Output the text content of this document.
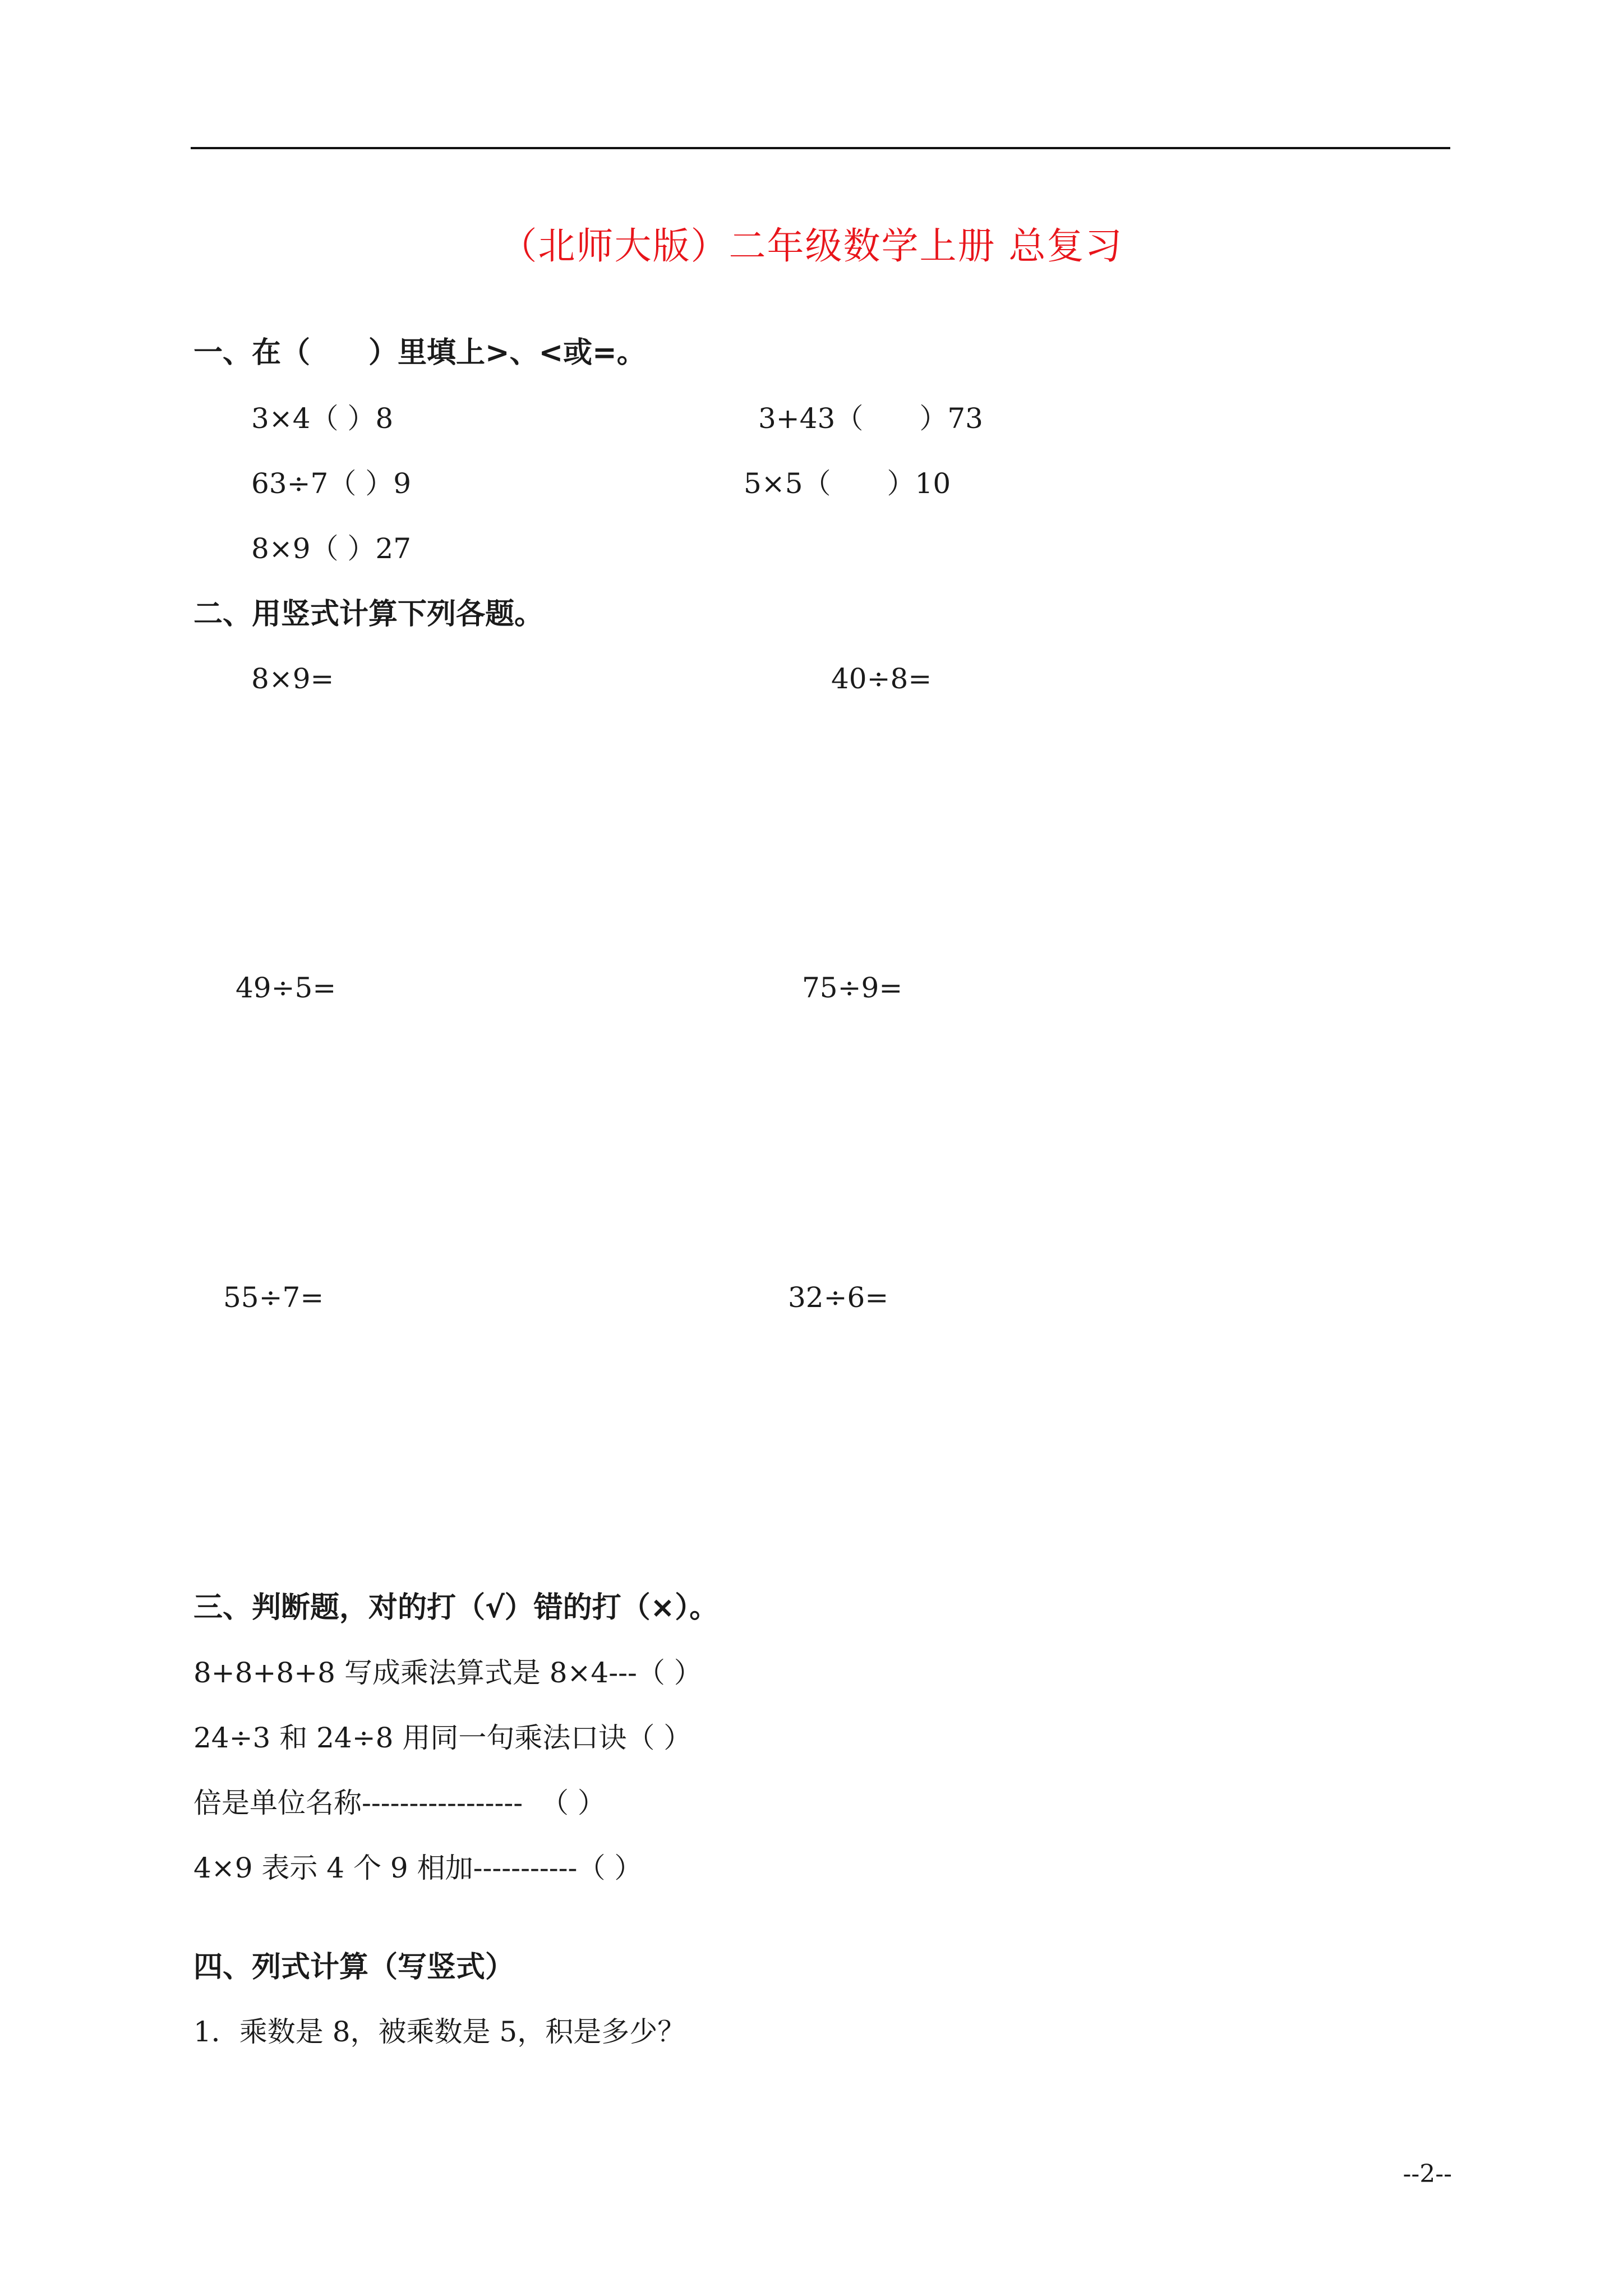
（北师大版）二年级数学上册 总复习
一、在（　　）里填上>、<或=。
3×4（ ）8	3+43（　　）73
63÷7（ ）9	5×5（　　）10
8×9（ ）27
二、用竖式计算下列各题。
8×9=	40÷8=
49÷5=	75÷9=
55÷7=	32÷6=
三、判断题，对的打（√）错的打（×）。
8+8+8+8 写成乘法算式是 8×4---（ ）
24÷3 和 24÷8 用同一句乘法口诀（ ）
倍是单位名称-----------------  （ ）
4×9 表示 4 个 9 相加-----------（ ）
四、列式计算（写竖式）
1．乘数是 8，被乘数是 5，积是多少？
--2--
